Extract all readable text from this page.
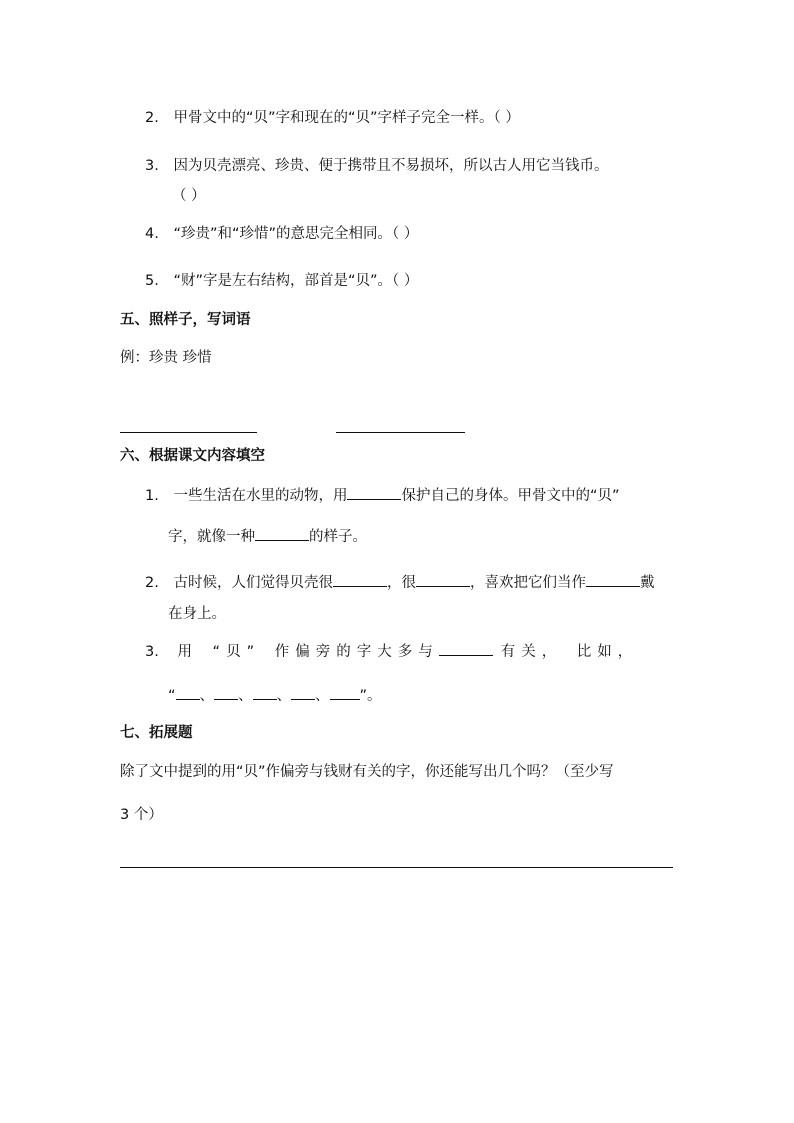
2. 甲骨文中的“贝”字和现在的“贝”字样子完全一样。（ ）
3. 因为贝壳漂亮、珍贵、便于携带且不易损坏，所以古人用它当钱币。
（ ）
4. “珍贵”和“珍惜”的意思完全相同。（ ）
5. “财”字是左右结构，部首是“贝”。（ ）
五、照样子，写词语
例：珍贵 珍惜
六、根据课文内容填空
1. 一些生活在水里的动物，用	保护自己的身体。甲骨文中的“贝”
字，就像一种	的样子。
2. 古时候，人们觉得贝壳很	，很	，喜欢把它们当作	戴
在身上。
3. 用 “贝” 作偏旁的字大多与	有关， 比如，
“ 、 、 、 、 ”。
七、拓展题
除了文中提到的用“贝”作偏旁与钱财有关的字，你还能写出几个吗？（至少写
3 个）
